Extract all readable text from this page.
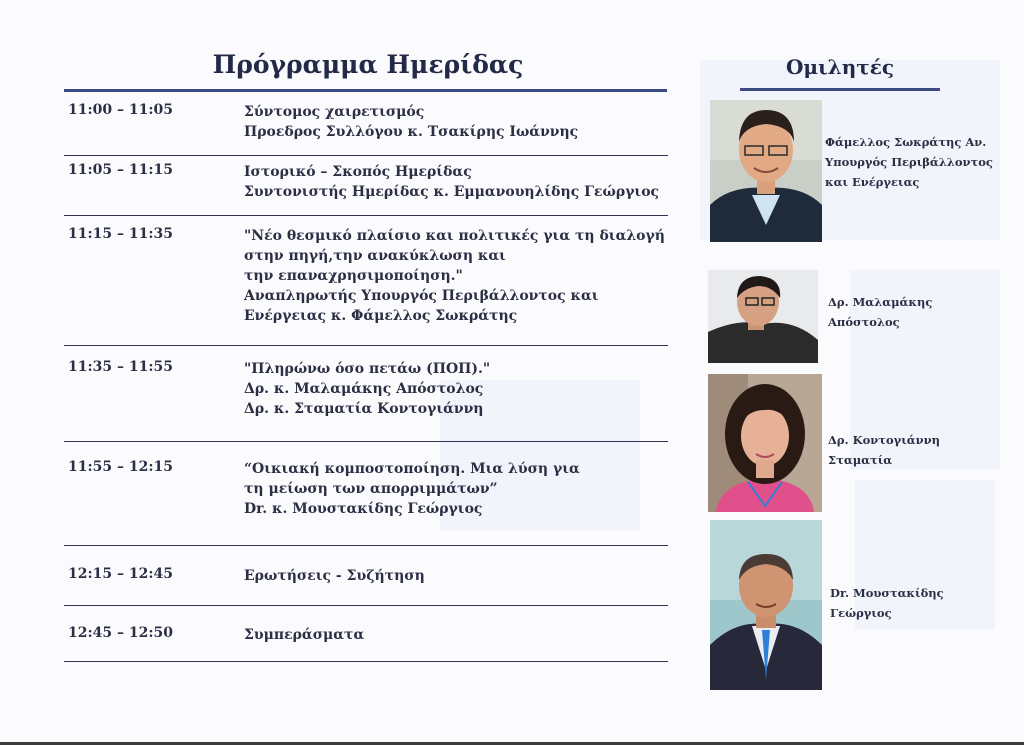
Πρόγραμμα Ημερίδας
11:00 – 11:05	Σύντομος χαιρετισμός
Προεδρος Συλλόγου κ. Τσακίρης Ιωάννης
11:05 – 11:15	Ιστορικό – Σκοπός Ημερίδας
Συντονιστής Ημερίδας κ. Εμμανουηλίδης Γεώργιος
11:15 – 11:35	"Νέο θεσμικό πλαίσιο και πολιτικές για τη διαλογή
στην πηγή,την ανακύκλωση και
την επαναχρησιμοποίηση."
Αναπληρωτής Υπουργός Περιβάλλοντος και
Ενέργειας κ. Φάμελλος Σωκράτης
11:35 – 11:55	"Πληρώνω όσο πετάω (ΠΟΠ)."
Δρ. κ. Μαλαμάκης Απόστολος
Δρ. κ. Σταματία Κοντογιάννη
11:55 – 12:15	“Οικιακή κομποστοποίηση. Μια λύση για
τη μείωση των απορριμμάτων”
Dr. κ. Μουστακίδης Γεώργιος
12:15 – 12:45	Ερωτήσεις - Συζήτηση
12:45 – 12:50	Συμπεράσματα
Ομιλητές
Φάμελλος Σωκράτης Αν.
Υπουργός Περιβάλλοντος
και Ενέργειας
Δρ. Μαλαμάκης
Απόστολος
Δρ. Κοντογιάννη
Σταματία
Dr. Μουστακίδης
Γεώργιος
